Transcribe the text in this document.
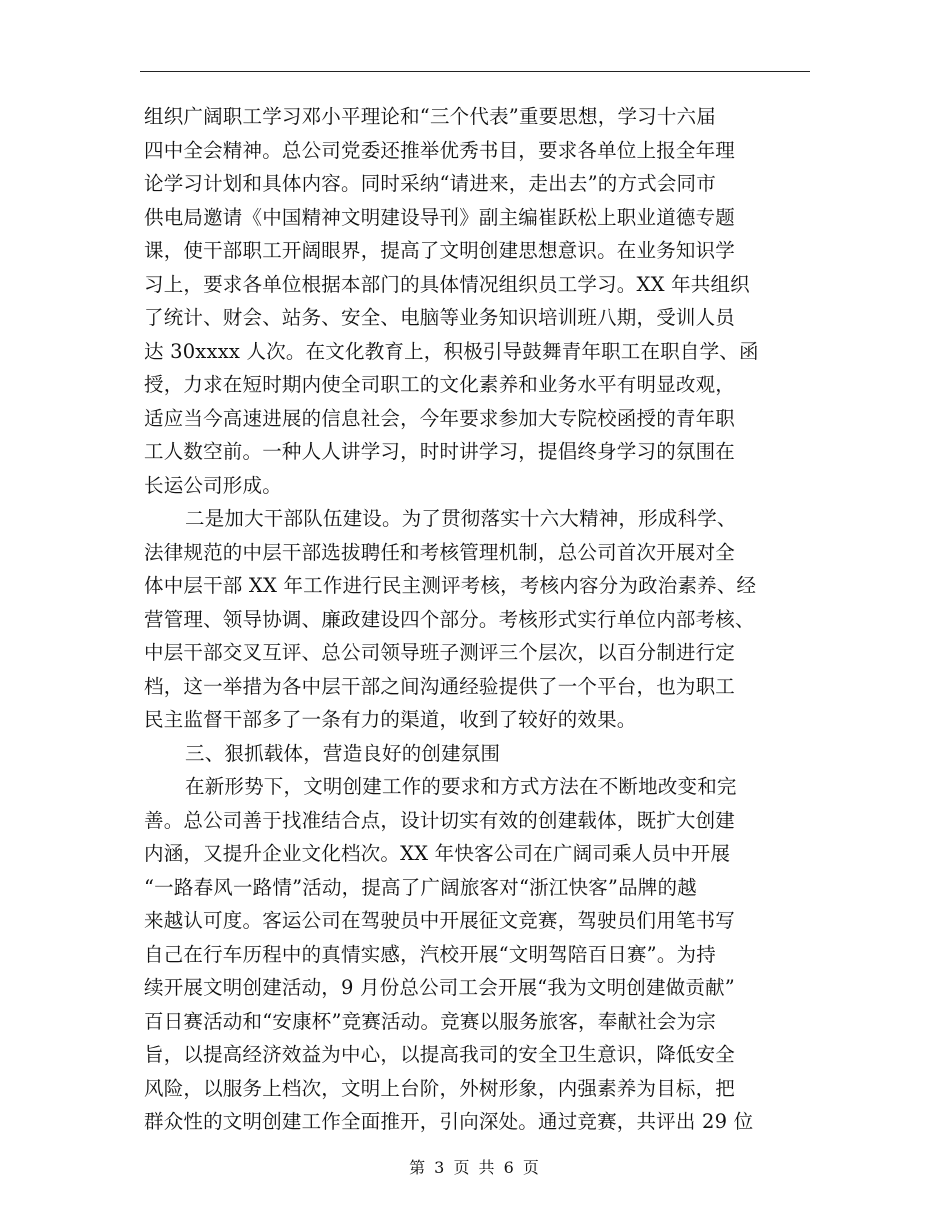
组织广阔职工学习邓小平理论和“三个代表”重要思想，学习十六届
四中全会精神。总公司党委还推举优秀书目，要求各单位上报全年理
论学习计划和具体内容。同时采纳“请进来，走出去”的方式会同市
供电局邀请《中国精神文明建设导刊》副主编崔跃松上职业道德专题
课，使干部职工开阔眼界，提高了文明创建思想意识。在业务知识学
习上，要求各单位根据本部门的具体情况组织员工学习。XX 年共组织
了统计、财会、站务、安全、电脑等业务知识培训班八期，受训人员
达 30xxxx 人次。在文化教育上，积极引导鼓舞青年职工在职自学、函
授，力求在短时期内使全司职工的文化素养和业务水平有明显改观，
适应当今高速进展的信息社会，今年要求参加大专院校函授的青年职
工人数空前。一种人人讲学习，时时讲学习，提倡终身学习的氛围在
长运公司形成。
二是加大干部队伍建设。为了贯彻落实十六大精神，形成科学、
法律规范的中层干部选拔聘任和考核管理机制，总公司首次开展对全
体中层干部 XX 年工作进行民主测评考核，考核内容分为政治素养、经
营管理、领导协调、廉政建设四个部分。考核形式实行单位内部考核、
中层干部交叉互评、总公司领导班子测评三个层次，以百分制进行定
档，这一举措为各中层干部之间沟通经验提供了一个平台，也为职工
民主监督干部多了一条有力的渠道，收到了较好的效果。
三、狠抓载体，营造良好的创建氛围
在新形势下，文明创建工作的要求和方式方法在不断地改变和完
善。总公司善于找准结合点，设计切实有效的创建载体，既扩大创建
内涵，又提升企业文化档次。XX 年快客公司在广阔司乘人员中开展
“一路春风一路情”活动，提高了广阔旅客对“浙江快客”品牌的越
来越认可度。客运公司在驾驶员中开展征文竞赛，驾驶员们用笔书写
自己在行车历程中的真情实感，汽校开展“文明驾陪百日赛”。为持
续开展文明创建活动，9 月份总公司工会开展“我为文明创建做贡献”
百日赛活动和“安康杯”竞赛活动。竞赛以服务旅客，奉献社会为宗
旨，以提高经济效益为中心，以提高我司的安全卫生意识，降低安全
风险，以服务上档次，文明上台阶，外树形象，内强素养为目标，把
群众性的文明创建工作全面推开，引向深处。通过竞赛，共评出 29 位
第 3 页 共 6 页
